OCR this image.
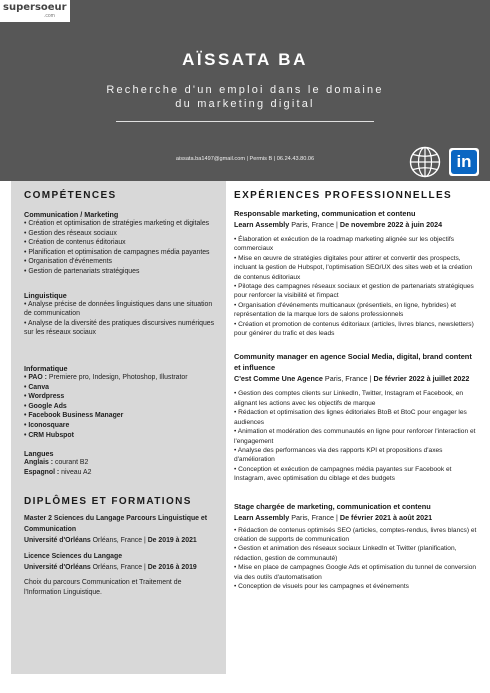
supersoeur
.com
AÏSSATA BA
Recherche d'un emploi dans le domaine
du marketing digital
aissata.ba1497@gmail.com | Permis B | 06.24.43.80.06	in
COMPÉTENCES
Communication / Marketing
• Création et optimisation de stratégies marketing et digitales
• Gestion des réseaux sociaux
• Création de contenus éditoriaux
• Planification et optimisation de campagnes média payantes
• Organisation d'événements
• Gestion de partenariats stratégiques
Linguistique
• Analyse précise de données linguistiques dans une situation de communication
• Analyse de la diversité des pratiques discursives numériques sur les réseaux sociaux
Informatique
• PAO : Premiere pro, Indesign, Photoshop, Illustrator
• Canva
• Wordpress
• Google Ads
• Facebook Business Manager
• Iconosquare
• CRM Hubspot
Langues
Anglais : courant B2
Espagnol : niveau A2
DIPLÔMES ET FORMATIONS
Master 2 Sciences du Langage Parcours Linguistique et Communication
Université d'Orléans Orléans, France | De 2019 à 2021
Licence Sciences du Langage
Université d'Orléans Orléans, France | De 2016 à 2019
Choix du parcours Communication et Traitement de l'Information Linguistique.
EXPÉRIENCES PROFESSIONNELLES
Responsable marketing, communication et contenu
Learn Assembly Paris, France | De novembre 2022 à juin 2024
• Élaboration et exécution de la roadmap marketing alignée sur les objectifs commerciaux
• Mise en œuvre de stratégies digitales pour attirer et convertir des prospects, incluant la gestion de Hubspot, l'optimisation SEO/UX des sites web et la création de contenus éditoriaux
• Pilotage des campagnes réseaux sociaux et gestion de partenariats stratégiques pour renforcer la visibilité et l'impact
• Organisation d'événements multicanaux (présentiels, en ligne, hybrides) et représentation de la marque lors de salons professionnels
• Création et promotion de contenus éditoriaux (articles, livres blancs, newsletters) pour générer du trafic et des leads
Community manager en agence Social Media, digital, brand content et influence
C'est Comme Une Agence Paris, France | De février 2022 à juillet 2022
• Gestion des comptes clients sur LinkedIn, Twitter, Instagram et Facebook, en alignant les actions avec les objectifs de marque
• Rédaction et optimisation des lignes éditoriales BtoB et BtoC pour engager les audiences
• Animation et modération des communautés en ligne pour renforcer l'interaction et l'engagement
• Analyse des performances via des rapports KPI et propositions d'axes d'amélioration
• Conception et exécution de campagnes média payantes sur Facebook et Instagram, avec optimisation du ciblage et des budgets
Stage chargée de marketing, communication et contenu
Learn Assembly Paris, France | De février 2021 à août 2021
• Rédaction de contenus optimisés SEO (articles, comptes-rendus, livres blancs) et création de supports de communication
• Gestion et animation des réseaux sociaux LinkedIn et Twitter (planification, rédaction, gestion de communauté)
• Mise en place de campagnes Google Ads et optimisation du tunnel de conversion via des outils d'automatisation
• Conception de visuels pour les campagnes et événements
